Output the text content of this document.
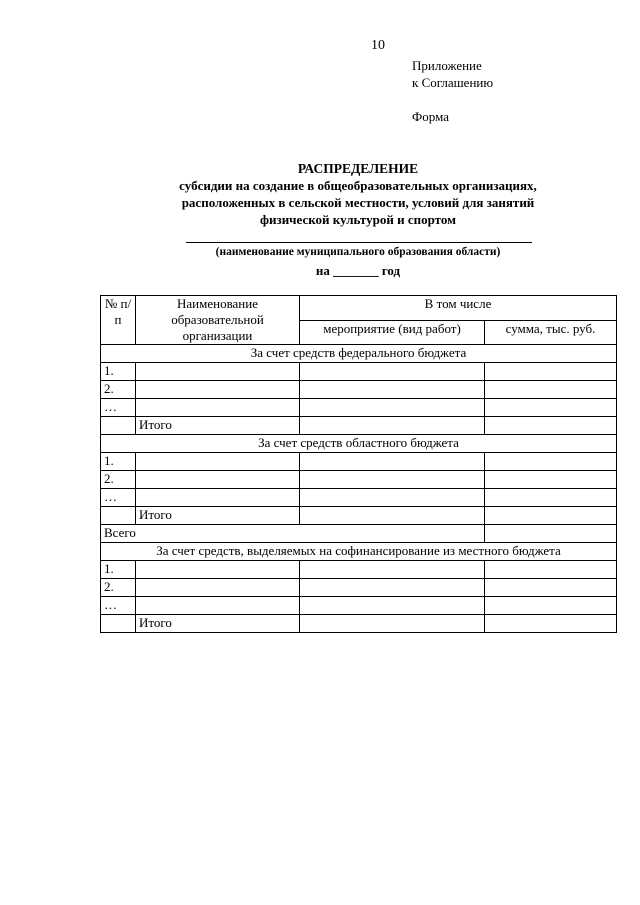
10
Приложение
к Соглашению
Форма
РАСПРЕДЕЛЕНИЕ
субсидии на создание в общеобразовательных организациях,
расположенных в сельской местности, условий для занятий
физической культурой и спортом
(наименование муниципального образования области)
на _______ год
№ п/п	Наименование образовательной организации	В том числе	
		мероприятие (вид работ)	сумма, тыс. руб.
За счет средств федерального бюджета			
1.			
2.			
…			
	Итого		
За счет средств областного бюджета			
1.			
2.			
…			
	Итого		
Всего			
За счет средств, выделяемых на софинансирование из местного бюджета			
1.			
2.			
…			
	Итого		
